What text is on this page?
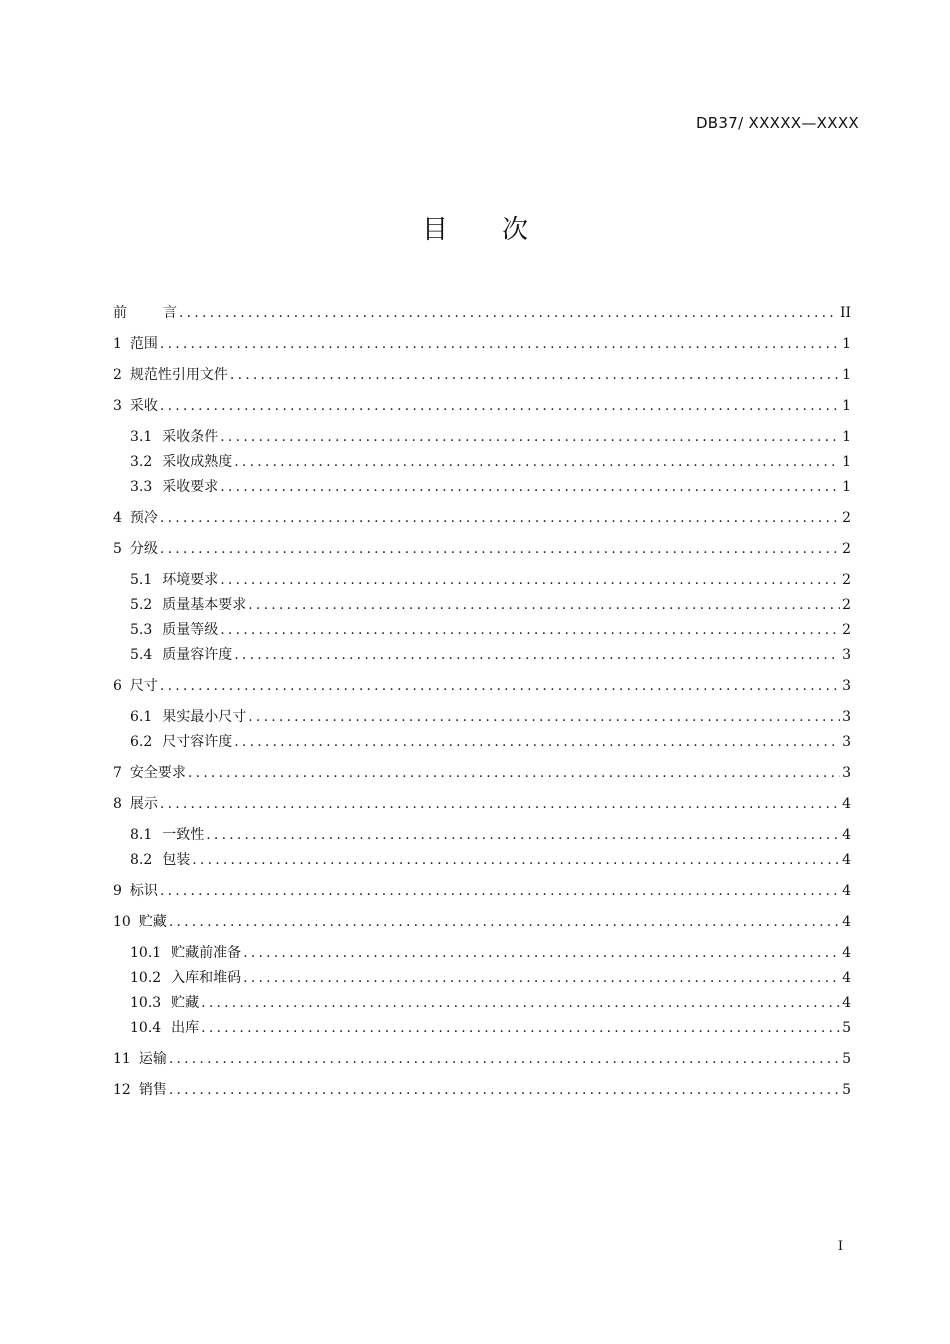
DB37/ XXXXX—XXXX
目 次
前	言 .....	II
1 范围 .....	1
2 规范性引用文件 .....	1
3 采收 .....	1
3.1 采收条件 .....	1
3.2 采收成熟度 .....	1
3.3 采收要求 .....	1
4 预冷 .....	2
5 分级 .....	2
5.1 环境要求 .....	2
5.2 质量基本要求 .....	2
5.3 质量等级 .....	2
5.4 质量容许度 .....	3
6 尺寸 .....	3
6.1 果实最小尺寸 .....	3
6.2 尺寸容许度 .....	3
7 安全要求 .....	3
8 展示 .....	4
8.1 一致性 .....	4
8.2 包装 .....	4
9 标识 .....	4
10 贮藏 .....	4
10.1 贮藏前准备 .....	4
10.2 入库和堆码 .....	4
10.3 贮藏 .....	4
10.4 出库 .....	5
11 运输 .....	5
12 销售 .....	5
I
